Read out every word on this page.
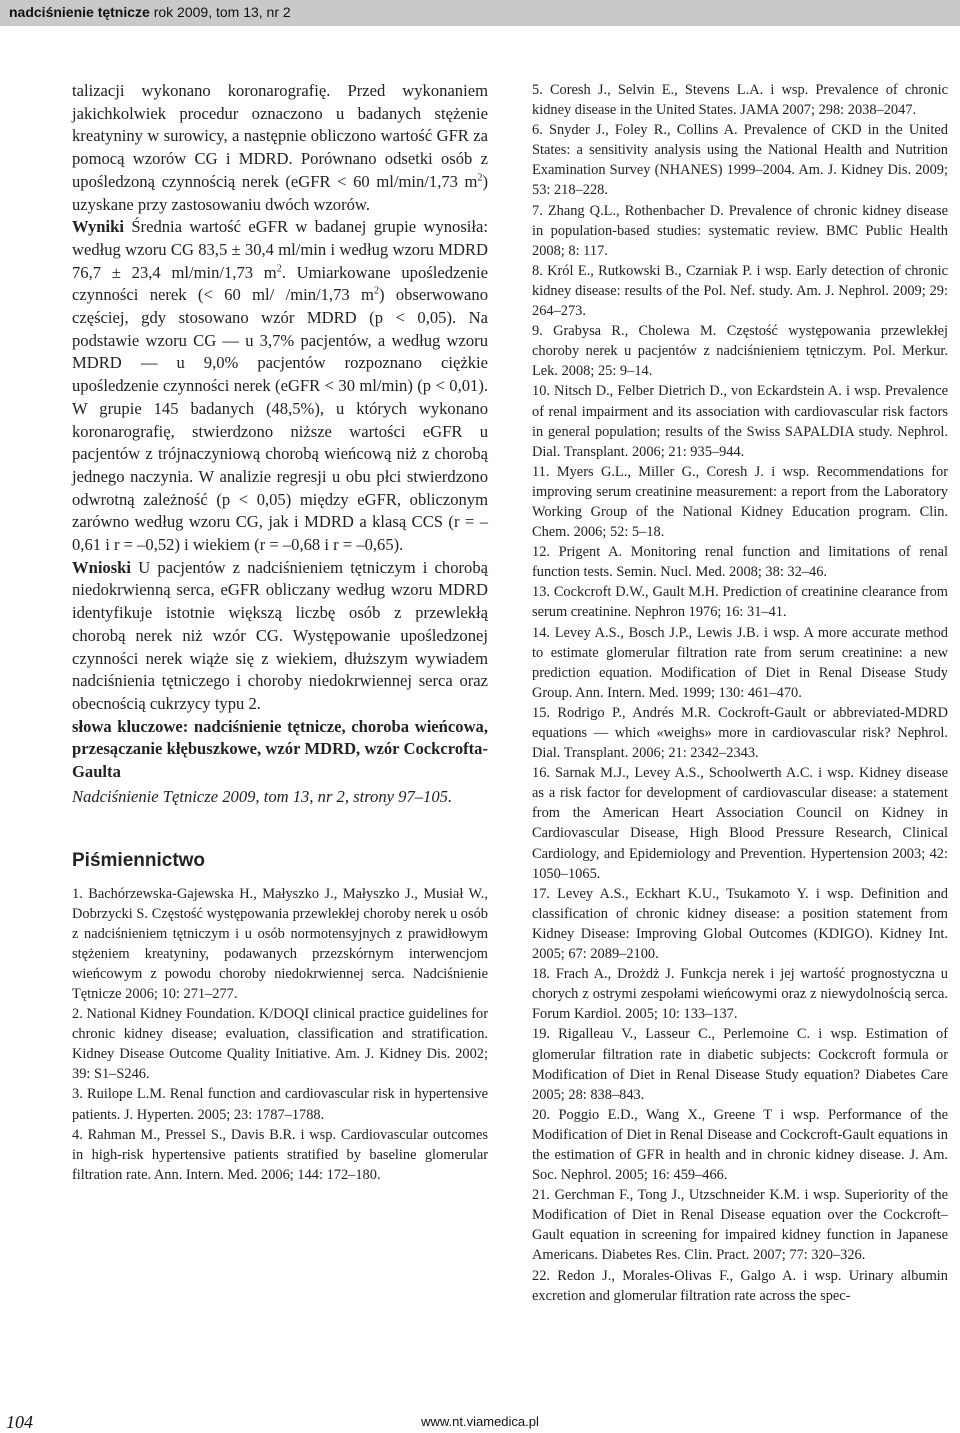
nadciśnienie tętnicze rok 2009, tom 13, nr 2

talizacji wykonano koronarografię. Przed wykonaniem jakichkolwiek procedur oznaczono u badanych stężenie kreatyniny w surowicy, a następnie obliczono wartość GFR za pomocą wzorów CG i MDRD. Porównano odsetki osób z upośledzoną czynnością nerek (eGFR < 60 ml/min/1,73 $m^2$) uzyskane przy zastosowaniu dwóch wzorów.

Wyniki Średnia wartość eGFR w badanej grupie wynosiła: według wzoru CG 83,5 ± 30,4 ml/min i według wzoru MDRD 76,7 ± 23,4 ml/min/1,73 $m^2$. Umiarkowane upośledzenie czynności nerek (< 60 ml/ /min/1,73 $m^2$) obserwowano częściej, gdy stosowano wzór MDRD (p < 0,05). Na podstawie wzoru CG — u 3,7% pacjentów, a według wzoru MDRD — u 9,0% pacjentów rozpoznano ciężkie upośledzenie czynności nerek (eGFR < 30 ml/min) (p < 0,01). W grupie 145 badanych (48,5%), u których wykonano koronarografię, stwierdzono niższe wartości eGFR u pacjentów z trójnaczyniową chorobą wieńcową niż z chorobą jednego naczynia. W analizie regresji u obu płci stwierdzono odwrotną zależność (p < 0,05) między eGFR, obliczonym zarówno według wzoru CG, jak i MDRD a klasą CCS (r = –0,61 i r = –0,52) i wiekiem (r = –0,68 i r = –0,65).

Wnioski U pacjentów z nadciśnieniem tętniczym i chorobą niedokrwienną serca, eGFR obliczany według wzoru MDRD identyfikuje istotnie większą liczbę osób z przewlekłą chorobą nerek niż wzór CG. Występowanie upośledzonej czynności nerek wiąże się z wiekiem, dłuższym wywiadem nadciśnienia tętniczego i choroby niedokrwiennej serca oraz obecnością cukrzycy typu 2.

słowa kluczowe: nadciśnienie tętnicze, choroba wieńcowa, przesączanie kłębuszkowe, wzór MDRD, wzór Cockcrofta-Gaulta

Nadciśnienie Tętnicze 2009, tom 13, nr 2, strony 97–105.

Piśmiennictwo

1. Bachórzewska-Gajewska H., Małyszko J., Małyszko J., Musiał W., Dobrzycki S. Częstość występowania przewlekłej choroby nerek u osób z nadciśnieniem tętniczym i u osób normotensyjnych z prawidłowym stężeniem kreatyniny, podawanych przezskórnym interwencjom wieńcowym z powodu choroby niedokrwiennej serca. Nadciśnienie Tętnicze 2006; 10: 271–277.

2. National Kidney Foundation. K/DOQI clinical practice guidelines for chronic kidney disease; evaluation, classification and stratification. Kidney Disease Outcome Quality Initiative. Am. J. Kidney Dis. 2002; 39: S1–S246.

3. Ruilope L.M. Renal function and cardiovascular risk in hypertensive patients. J. Hyperten. 2005; 23: 1787–1788.

4. Rahman M., Pressel S., Davis B.R. i wsp. Cardiovascular outcomes in high-risk hypertensive patients stratified by baseline glomerular filtration rate. Ann. Intern. Med. 2006; 144: 172–180.

5. Coresh J., Selvin E., Stevens L.A. i wsp. Prevalence of chronic kidney disease in the United States. JAMA 2007; 298: 2038–2047.

6. Snyder J., Foley R., Collins A. Prevalence of CKD in the United States: a sensitivity analysis using the National Health and Nutrition Examination Survey (NHANES) 1999–2004. Am. J. Kidney Dis. 2009; 53: 218–228.

7. Zhang Q.L., Rothenbacher D. Prevalence of chronic kidney disease in population-based studies: systematic review. BMC Public Health 2008; 8: 117.

8. Król E., Rutkowski B., Czarniak P. i wsp. Early detection of chronic kidney disease: results of the Pol. Nef. study. Am. J. Nephrol. 2009; 29: 264–273.

9. Grabysa R., Cholewa M. Częstość występowania przewlekłej choroby nerek u pacjentów z nadciśnieniem tętniczym. Pol. Merkur. Lek. 2008; 25: 9–14.

10. Nitsch D., Felber Dietrich D., von Eckardstein A. i wsp. Prevalence of renal impairment and its association with cardiovascular risk factors in general population; results of the Swiss SAPALDIA study. Nephrol. Dial. Transplant. 2006; 21: 935–944.

11. Myers G.L., Miller G., Coresh J. i wsp. Recommendations for improving serum creatinine measurement: a report from the Laboratory Working Group of the National Kidney Education program. Clin. Chem. 2006; 52: 5–18.

12. Prigent A. Monitoring renal function and limitations of renal function tests. Semin. Nucl. Med. 2008; 38: 32–46.

13. Cockcroft D.W., Gault M.H. Prediction of creatinine clearance from serum creatinine. Nephron 1976; 16: 31–41.

14. Levey A.S., Bosch J.P., Lewis J.B. i wsp. A more accurate method to estimate glomerular filtration rate from serum creatinine: a new prediction equation. Modification of Diet in Renal Disease Study Group. Ann. Intern. Med. 1999; 130: 461–470.

15. Rodrigo P., Andrés M.R. Cockroft-Gault or abbreviated-MDRD equations — which «weighs» more in cardiovascular risk? Nephrol. Dial. Transplant. 2006; 21: 2342–2343.

16. Sarnak M.J., Levey A.S., Schoolwerth A.C. i wsp. Kidney disease as a risk factor for development of cardiovascular disease: a statement from the American Heart Association Council on Kidney in Cardiovascular Disease, High Blood Pressure Research, Clinical Cardiology, and Epidemiology and Prevention. Hypertension 2003; 42: 1050–1065.

17. Levey A.S., Eckhart K.U., Tsukamoto Y. i wsp. Definition and classification of chronic kidney disease: a position statement from Kidney Disease: Improving Global Outcomes (KDIGO). Kidney Int. 2005; 67: 2089–2100.

18. Frach A., Drożdż J. Funkcja nerek i jej wartość prognostyczna u chorych z ostrymi zespołami wieńcowymi oraz z niewydolnością serca. Forum Kardiol. 2005; 10: 133–137.

19. Rigalleau V., Lasseur C., Perlemoine C. i wsp. Estimation of glomerular filtration rate in diabetic subjects: Cockcroft formula or Modification of Diet in Renal Disease Study equation? Diabetes Care 2005; 28: 838–843.

20. Poggio E.D., Wang X., Greene T i wsp. Performance of the Modification of Diet in Renal Disease and Cockcroft-Gault equations in the estimation of GFR in health and in chronic kidney disease. J. Am. Soc. Nephrol. 2005; 16: 459–466.

21. Gerchman F., Tong J., Utzschneider K.M. i wsp. Superiority of the Modification of Diet in Renal Disease equation over the Cockcroft–Gault equation in screening for impaired kidney function in Japanese Americans. Diabetes Res. Clin. Pract. 2007; 77: 320–326.

22. Redon J., Morales-Olivas F., Galgo A. i wsp. Urinary albumin excretion and glomerular filtration rate across the spec-

104	www.nt.viamedica.pl
